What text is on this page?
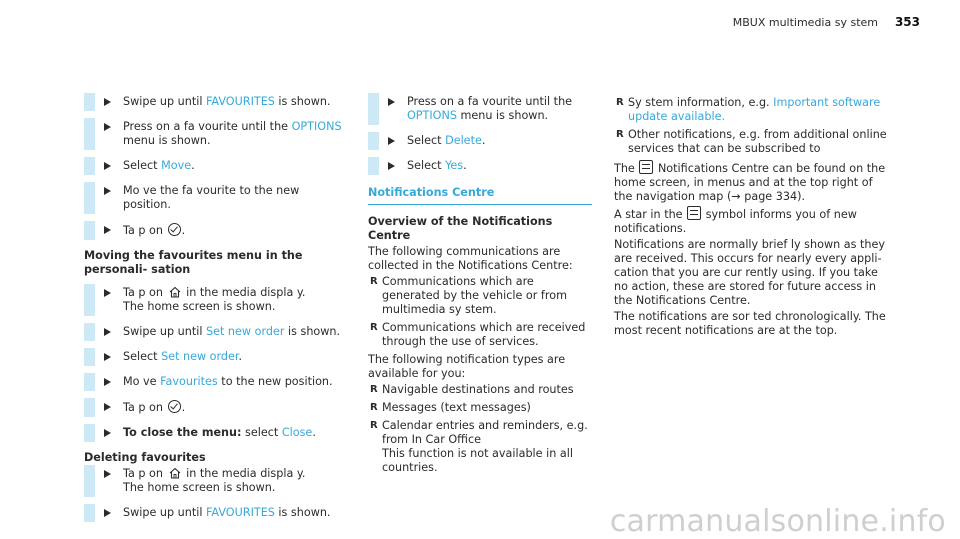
MBUX multimedia sy stem 353

Swipe up until FAVOURITES is shown.

Press on a fa vourite until the OPTIONS menu is shown.

Select Move.

Mo ve the fa vourite to the new position.

Ta p on .

Moving the favourites menu in the personali‐ sation

Ta p on in the media displa y.
The home screen is shown.

Swipe up until Set new order is shown.

Select Set new order.

Mo ve Favourites to the new position.

Ta p on .

To close the menu: select Close.

Deleting favourites

Ta p on in the media displa y.
The home screen is shown.

Swipe up until FAVOURITES is shown.

Press on a fa vourite until the OPTIONS menu is shown.

Select Delete.

Select Yes.

Notifications Centre

Overview of the Notifications Centre

The following communications are collected in the Notifications Centre:

R Communications which are generated by the vehicle or from multimedia sy stem.
R Communications which are received through the use of services.

The following notification types are available for you:

R Navigable destinations and routes
R Messages (text messages)
R Calendar entries and reminders, e.g. from In Car Office
This function is not available in all countries.
R Sy stem information, e.g. Important software update available.
R Other notifications, e.g. from additional online services that can be subscribed to

The Notifications Centre can be found on the home screen, in menus and at the top right of the navigation map (→ page 334).

A star in the symbol informs you of new notifications.

Notifications are normally brief ly shown as they are received. This occurs for nearly every appli‐ cation that you are cur rently using. If you take no action, these are stored for future access in the Notifications Centre.

The notifications are sor ted chronologically. The most recent notifications are at the top.

carmanualsonline.info
